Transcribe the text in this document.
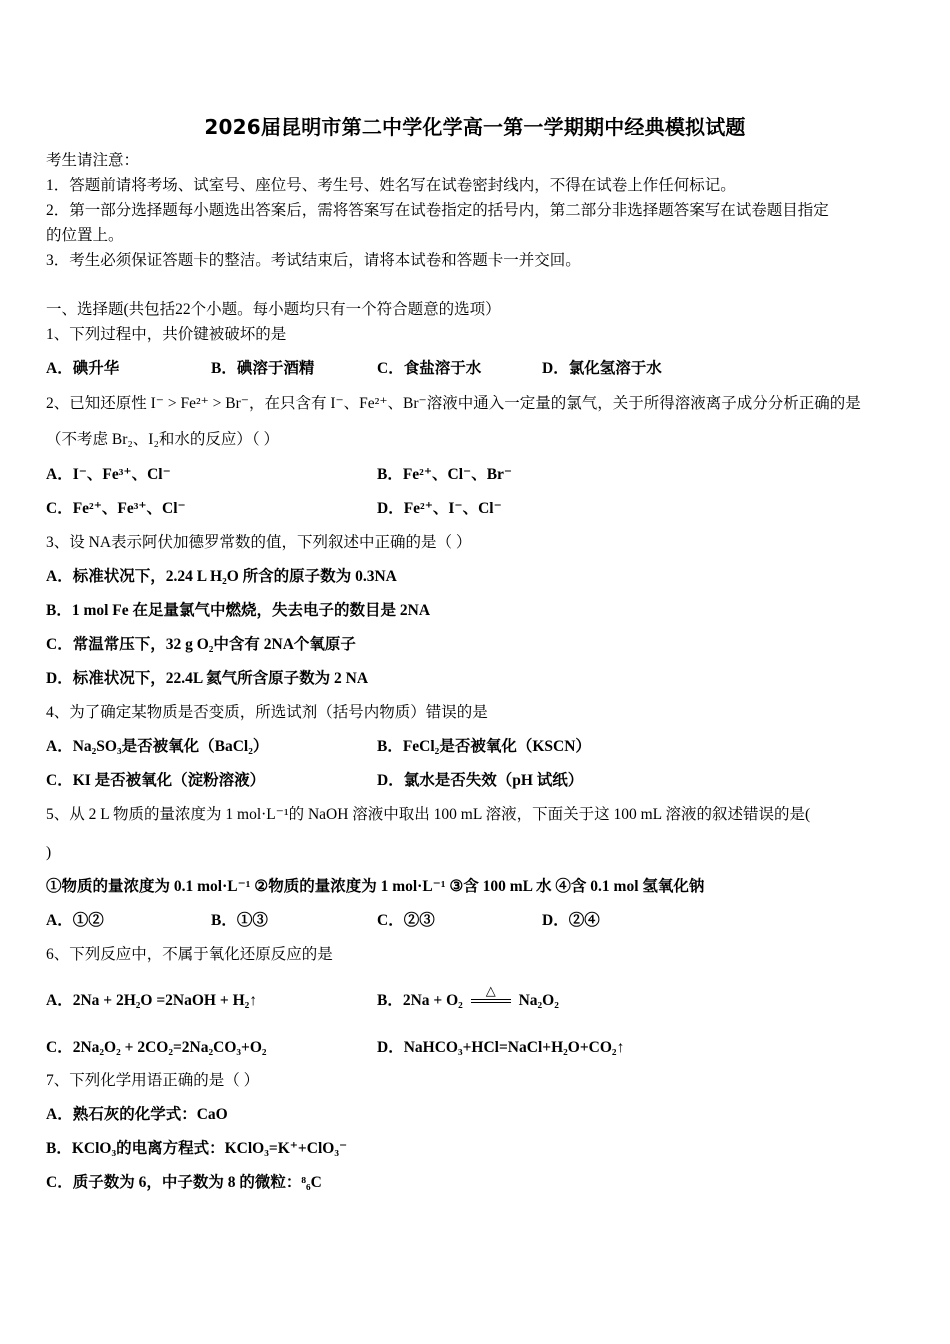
2026届昆明市第二中学化学高一第一学期期中经典模拟试题
考生请注意：
1．答题前请将考场、试室号、座位号、考生号、姓名写在试卷密封线内，不得在试卷上作任何标记。
2．第一部分选择题每小题选出答案后，需将答案写在试卷指定的括号内，第二部分非选择题答案写在试卷题目指定
的位置上。
3．考生必须保证答题卡的整洁。考试结束后，请将本试卷和答题卡一并交回。
一、选择题(共包括22个小题。每小题均只有一个符合题意的选项）
1、下列过程中，共价键被破坏的是
A．碘升华	B．碘溶于酒精	C．食盐溶于水	D．氯化氢溶于水
2、已知还原性 I⁻ > Fe²⁺ > Br⁻，在只含有 I⁻、Fe²⁺、Br⁻溶液中通入一定量的氯气，关于所得溶液离子成分分析正确的是
（不考虑 Br₂、I₂和水的反应）（ ）
A．I⁻、Fe³⁺、Cl⁻	B．Fe²⁺、Cl⁻、Br⁻
C．Fe²⁺、Fe³⁺、Cl⁻	D．Fe²⁺、I⁻、Cl⁻
3、设 NA表示阿伏加德罗常数的值，下列叙述中正确的是（ ）
A．标准状况下，2.24 L H₂O 所含的原子数为 0.3NA
B．1 mol Fe 在足量氯气中燃烧，失去电子的数目是 2NA
C．常温常压下，32 g O₂中含有 2NA个氧原子
D．标准状况下，22.4L 氦气所含原子数为 2 NA
4、为了确定某物质是否变质，所选试剂（括号内物质）错误的是
A．Na₂SO₃是否被氧化（BaCl₂）	B．FeCl₂是否被氧化（KSCN）
C．KI 是否被氧化（淀粉溶液）	D．氯水是否失效（pH 试纸）
5、从 2 L 物质的量浓度为 1 mol·L⁻¹的 NaOH 溶液中取出 100 mL 溶液，下面关于这 100 mL 溶液的叙述错误的是(
)
①物质的量浓度为 0.1 mol·L⁻¹ ②物质的量浓度为 1 mol·L⁻¹ ③含 100 mL 水 ④含 0.1 mol 氢氧化钠
A．①②	B．①③	C．②③	D．②④
6、下列反应中，不属于氧化还原反应的是
A．2Na + 2H₂O =2NaOH + H₂↑	B．2Na + O₂
△
Na₂O₂
C．2Na₂O₂ + 2CO₂=2Na₂CO₃+O₂	D．NaHCO₃+HCl=NaCl+H₂O+CO₂↑
7、下列化学用语正确的是（ ）
A．熟石灰的化学式：CaO
B．KClO₃的电离方程式：KClO₃=K⁺+ClO₃⁻
C．质子数为 6，中子数为 8 的微粒：⁸₆C
